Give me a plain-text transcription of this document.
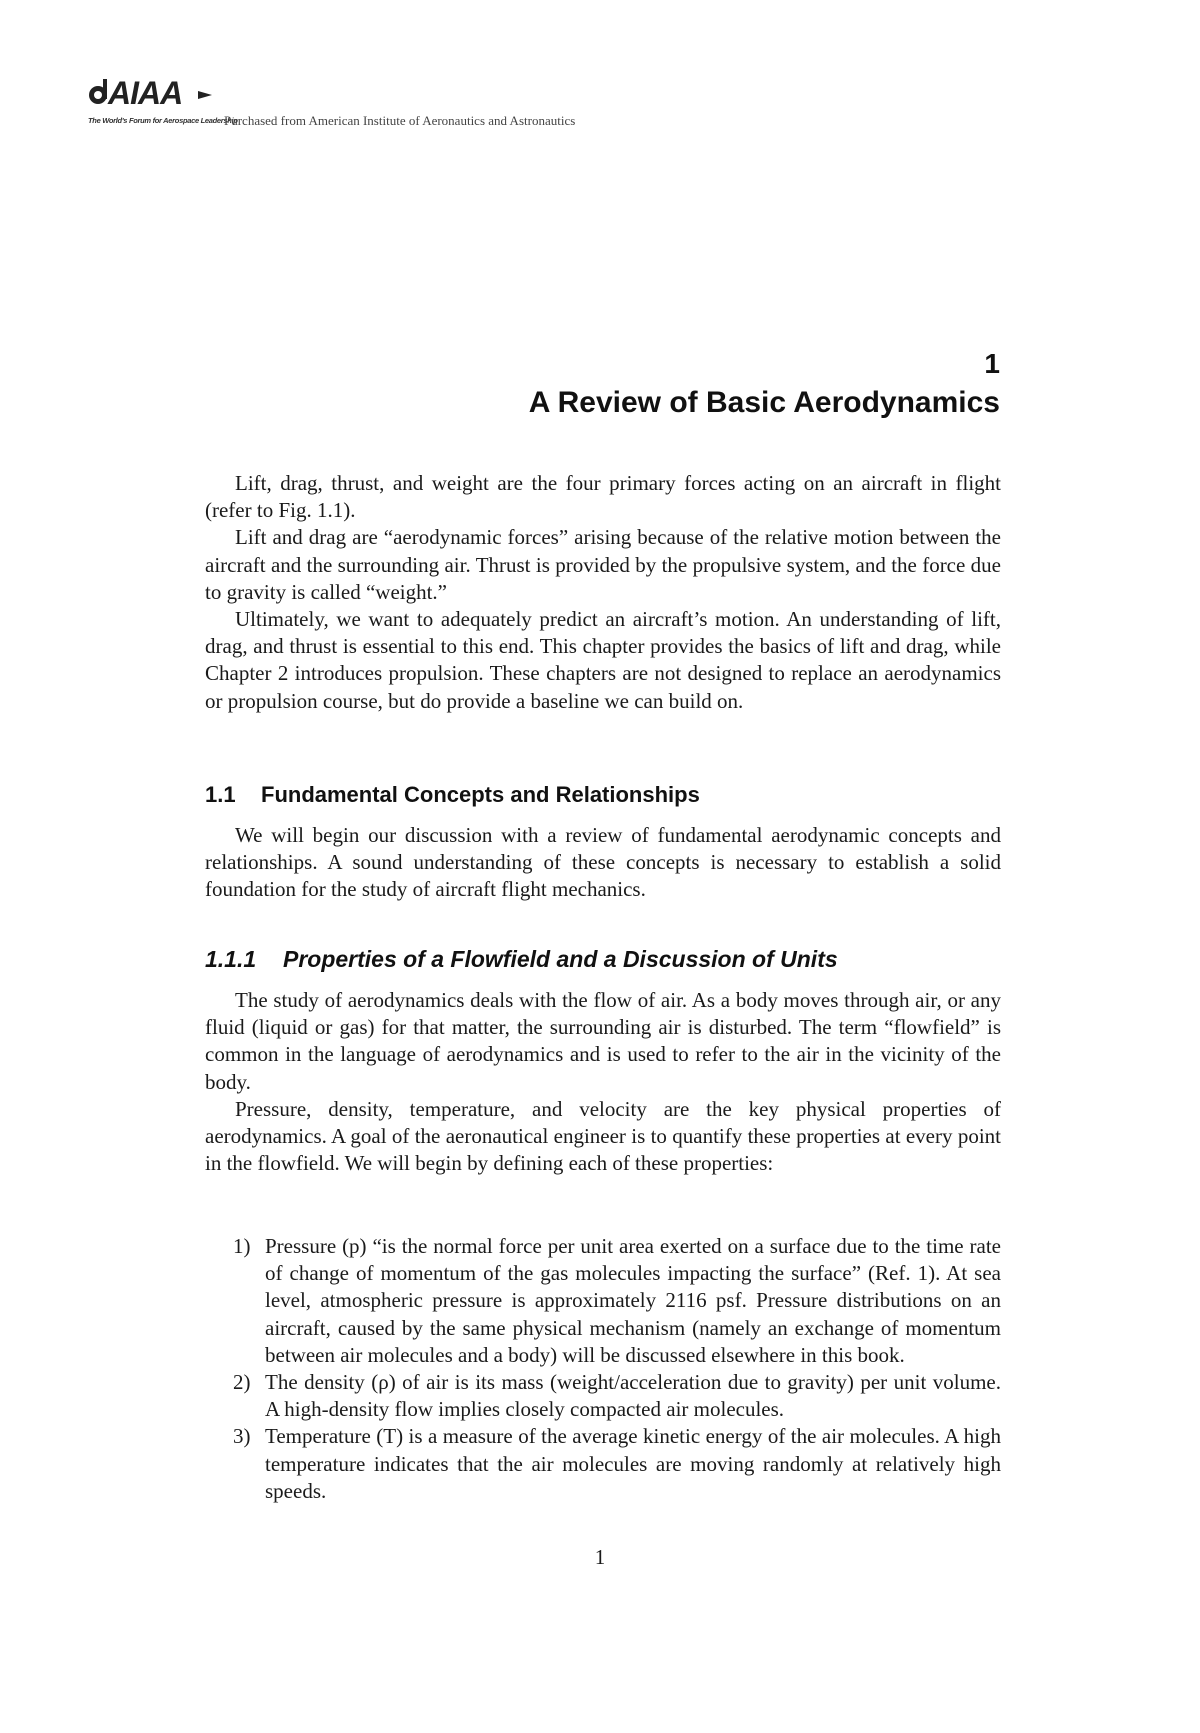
AIAA
The World's Forum for Aerospace Leadership
Purchased from American Institute of Aeronautics and Astronautics
1
A Review of Basic Aerodynamics

Lift, drag, thrust, and weight are the four primary forces acting on an aircraft in flight (refer to Fig. 1.1).

Lift and drag are “aerodynamic forces” arising because of the relative motion between the aircraft and the surrounding air. Thrust is provided by the propulsive system, and the force due to gravity is called “weight.”

Ultimately, we want to adequately predict an aircraft’s motion. An understanding of lift, drag, and thrust is essential to this end. This chapter provides the basics of lift and drag, while Chapter 2 introduces propulsion. These chapters are not designed to replace an aerodynamics or propulsion course, but do provide a baseline we can build on.

1.1 Fundamental Concepts and Relationships

We will begin our discussion with a review of fundamental aerodynamic concepts and relationships. A sound understanding of these concepts is necessary to establish a solid foundation for the study of aircraft flight mechanics.

1.1.1 Properties of a Flowfield and a Discussion of Units

The study of aerodynamics deals with the flow of air. As a body moves through air, or any fluid (liquid or gas) for that matter, the surrounding air is disturbed. The term “flowfield” is common in the language of aerodynamics and is used to refer to the air in the vicinity of the body.

Pressure, density, temperature, and velocity are the key physical properties of aerodynamics. A goal of the aeronautical engineer is to quantify these properties at every point in the flowfield. We will begin by defining each of these properties:

1) Pressure (p) “is the normal force per unit area exerted on a surface due to the time rate of change of momentum of the gas molecules impacting the surface” (Ref. 1). At sea level, atmospheric pressure is approximately 2116 psf. Pressure distributions on an aircraft, caused by the same physical mechanism (namely an exchange of momentum between air molecules and a body) will be discussed elsewhere in this book.
2) The density (ρ) of air is its mass (weight/acceleration due to gravity) per unit volume. A high-density flow implies closely compacted air molecules.
3) Temperature (T) is a measure of the average kinetic energy of the air molecules. A high temperature indicates that the air molecules are moving randomly at relatively high speeds.
1
